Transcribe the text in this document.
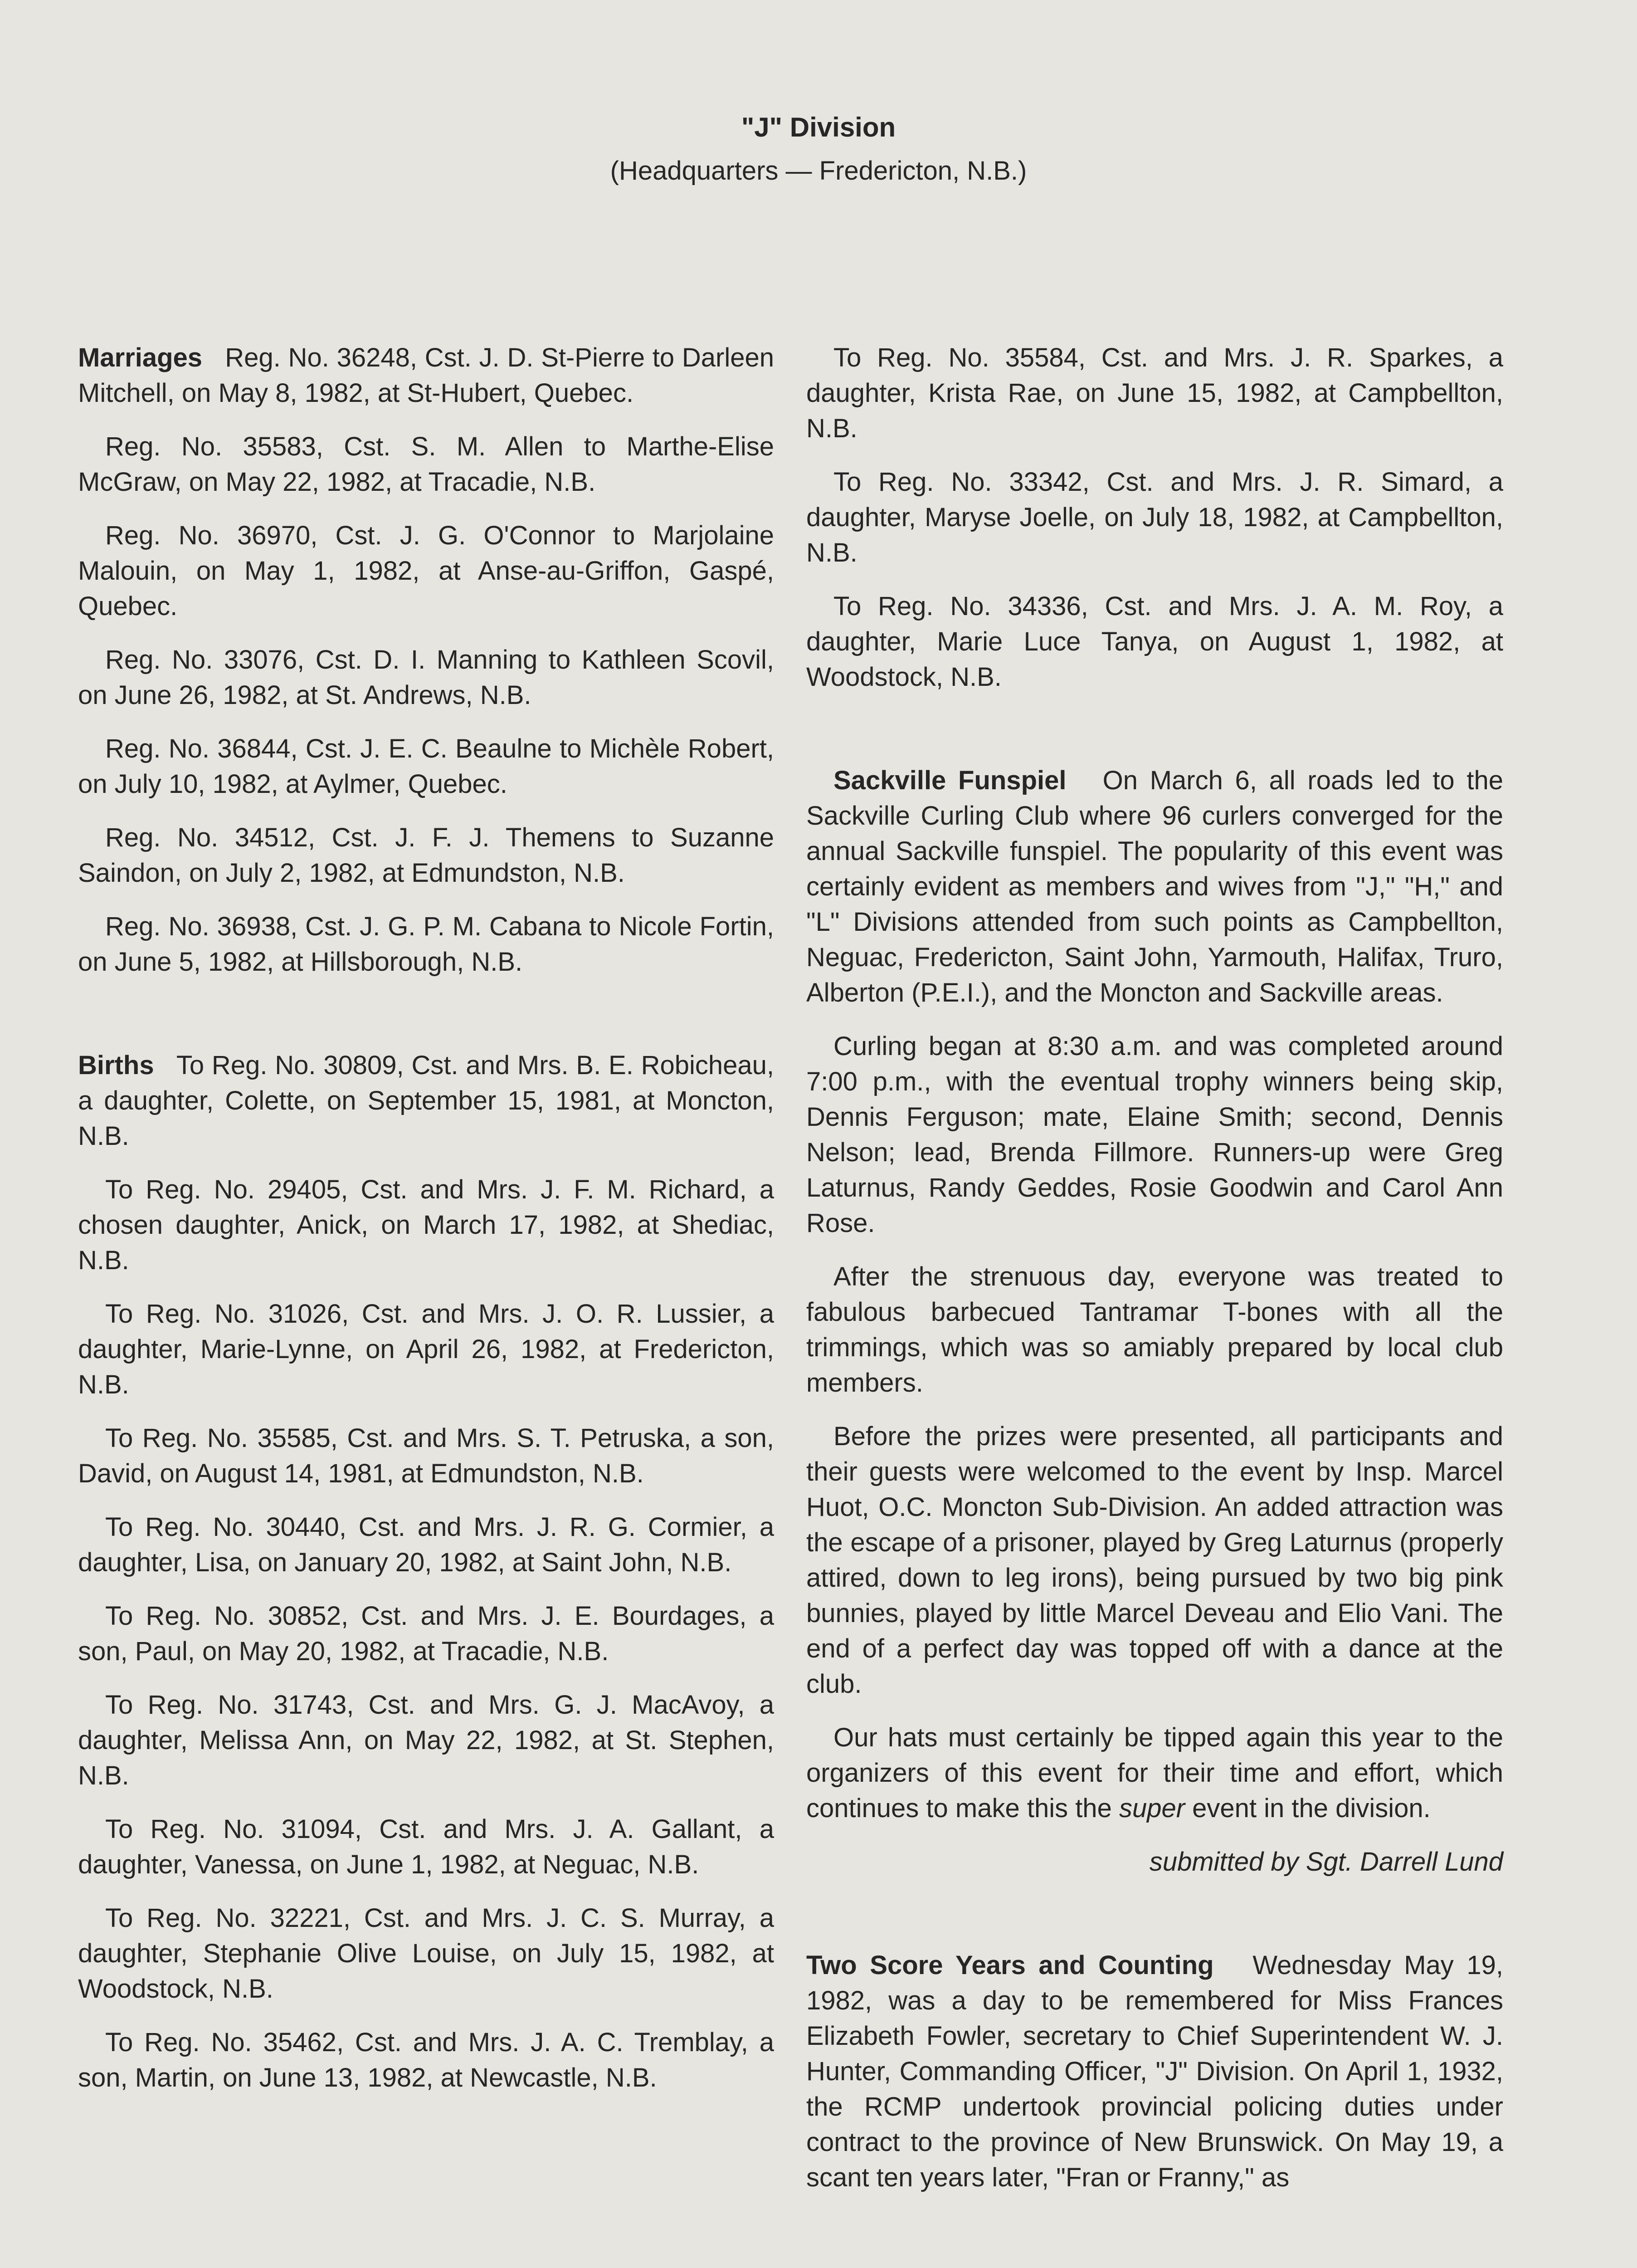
"J" Division
(Headquarters — Fredericton, N.B.)

Marriages Reg. No. 36248, Cst. J. D. St-Pierre to Darleen Mitchell, on May 8, 1982, at St-Hubert, Quebec.

Reg. No. 35583, Cst. S. M. Allen to Marthe-Elise McGraw, on May 22, 1982, at Tracadie, N.B.

Reg. No. 36970, Cst. J. G. O'Connor to Marjolaine Malouin, on May 1, 1982, at Anse-au-Griffon, Gaspé, Quebec.

Reg. No. 33076, Cst. D. I. Manning to Kathleen Scovil, on June 26, 1982, at St. Andrews, N.B.

Reg. No. 36844, Cst. J. E. C. Beaulne to Michèle Robert, on July 10, 1982, at Aylmer, Quebec.

Reg. No. 34512, Cst. J. F. J. Themens to Suzanne Saindon, on July 2, 1982, at Edmundston, N.B.

Reg. No. 36938, Cst. J. G. P. M. Cabana to Nicole Fortin, on June 5, 1982, at Hillsborough, N.B.

Births To Reg. No. 30809, Cst. and Mrs. B. E. Robicheau, a daughter, Colette, on September 15, 1981, at Moncton, N.B.

To Reg. No. 29405, Cst. and Mrs. J. F. M. Richard, a chosen daughter, Anick, on March 17, 1982, at Shediac, N.B.

To Reg. No. 31026, Cst. and Mrs. J. O. R. Lussier, a daughter, Marie-Lynne, on April 26, 1982, at Fredericton, N.B.

To Reg. No. 35585, Cst. and Mrs. S. T. Petruska, a son, David, on August 14, 1981, at Edmundston, N.B.

To Reg. No. 30440, Cst. and Mrs. J. R. G. Cormier, a daughter, Lisa, on January 20, 1982, at Saint John, N.B.

To Reg. No. 30852, Cst. and Mrs. J. E. Bourdages, a son, Paul, on May 20, 1982, at Tracadie, N.B.

To Reg. No. 31743, Cst. and Mrs. G. J. MacAvoy, a daughter, Melissa Ann, on May 22, 1982, at St. Stephen, N.B.

To Reg. No. 31094, Cst. and Mrs. J. A. Gallant, a daughter, Vanessa, on June 1, 1982, at Neguac, N.B.

To Reg. No. 32221, Cst. and Mrs. J. C. S. Murray, a daughter, Stephanie Olive Louise, on July 15, 1982, at Woodstock, N.B.

To Reg. No. 35462, Cst. and Mrs. J. A. C. Tremblay, a son, Martin, on June 13, 1982, at Newcastle, N.B.

To Reg. No. 35584, Cst. and Mrs. J. R. Sparkes, a daughter, Krista Rae, on June 15, 1982, at Campbellton, N.B.

To Reg. No. 33342, Cst. and Mrs. J. R. Simard, a daughter, Maryse Joelle, on July 18, 1982, at Campbellton, N.B.

To Reg. No. 34336, Cst. and Mrs. J. A. M. Roy, a daughter, Marie Luce Tanya, on August 1, 1982, at Woodstock, N.B.

Sackville Funspiel On March 6, all roads led to the Sackville Curling Club where 96 curlers converged for the annual Sackville funspiel. The popularity of this event was certainly evident as members and wives from "J," "H," and "L" Divisions attended from such points as Campbellton, Neguac, Fredericton, Saint John, Yarmouth, Halifax, Truro, Alberton (P.E.I.), and the Moncton and Sackville areas.

Curling began at 8:30 a.m. and was completed around 7:00 p.m., with the eventual trophy winners being skip, Dennis Ferguson; mate, Elaine Smith; second, Dennis Nelson; lead, Brenda Fillmore. Runners-up were Greg Laturnus, Randy Geddes, Rosie Goodwin and Carol Ann Rose.

After the strenuous day, everyone was treated to fabulous barbecued Tantramar T-bones with all the trimmings, which was so amiably prepared by local club members.

Before the prizes were presented, all participants and their guests were welcomed to the event by Insp. Marcel Huot, O.C. Moncton Sub-Division. An added attraction was the escape of a prisoner, played by Greg Laturnus (properly attired, down to leg irons), being pursued by two big pink bunnies, played by little Marcel Deveau and Elio Vani. The end of a perfect day was topped off with a dance at the club.

Our hats must certainly be tipped again this year to the organizers of this event for their time and effort, which continues to make this the super event in the division.

submitted by Sgt. Darrell Lund

Two Score Years and Counting Wednesday May 19, 1982, was a day to be remembered for Miss Frances Elizabeth Fowler, secretary to Chief Superintendent W. J. Hunter, Commanding Officer, "J" Division. On April 1, 1932, the RCMP undertook provincial policing duties under contract to the province of New Brunswick. On May 19, a scant ten years later, "Fran or Franny," as
